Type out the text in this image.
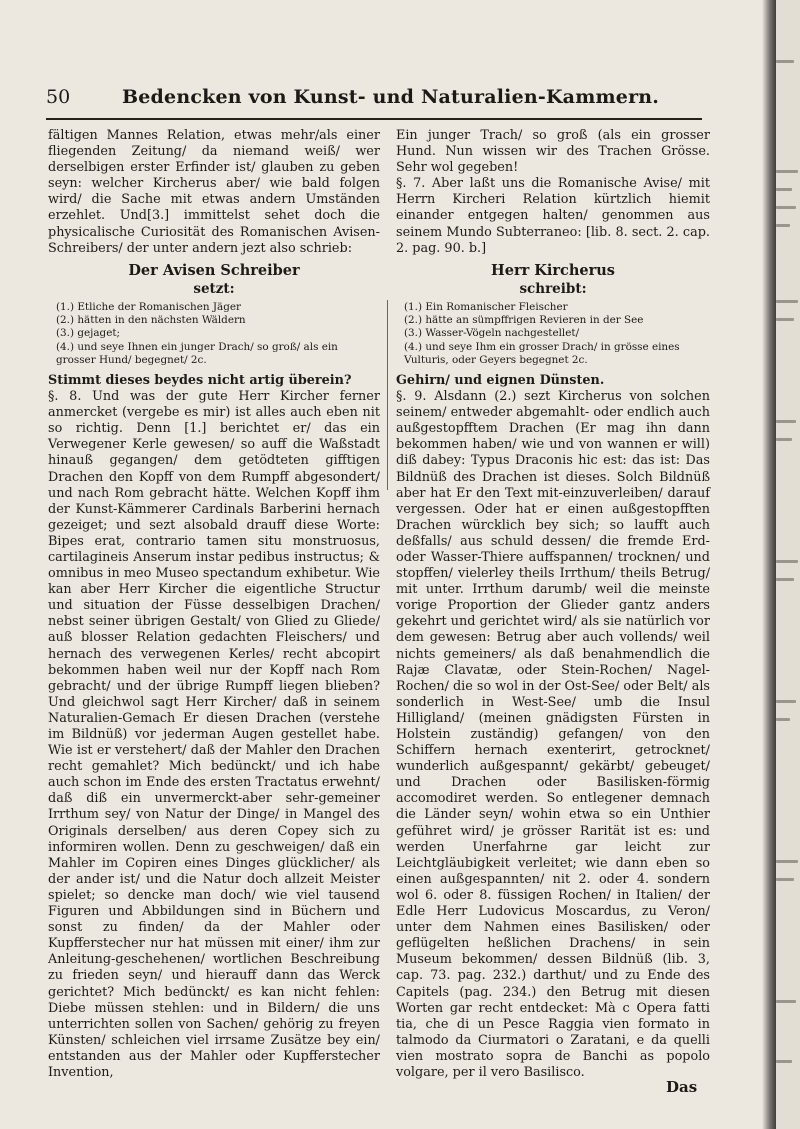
50	Bedencken von Kunst- und Naturalien-Kammern.

fältigen Mannes Relation, etwas mehr/als einer fliegenden Zeitung/ da niemand weiß/ wer derselbigen erster Erfinder ist/ glauben zu geben seyn: welcher Kircherus aber/ wie bald folgen wird/ die Sache mit etwas andern Umständen erzehlet. Und[3.] immittelst sehet doch die physicalische Curiosität des Romanischen Avisen-Schreibers/ der unter andern jezt also schrieb:

Der Avisen Schreiber
setzt:
(1.) Etliche der Romanischen Jäger
(2.) hätten in den nächsten Wäldern
(3.) gejaget;
(4.) und seye Ihnen ein junger Drach/ so groß/ als ein grosser Hund/ begegnet/ 2c.

Stimmt dieses beydes nicht artig überein?

§. 8. Und was der gute Herr Kircher ferner anmercket (vergebe es mir) ist alles auch eben nit so richtig. Denn [1.] berichtet er/ das ein Verwegener Kerle gewesen/ so auff die Waßstadt hinauß gegangen/ dem getödteten gifftigen Drachen den Kopff von dem Rumpff abgesondert/ und nach Rom gebracht hätte. Welchen Kopff ihm der Kunst-Kämmerer Cardinals Barberini hernach gezeiget; und sezt alsobald drauff diese Worte: Bipes erat, contrario tamen situ monstruosus, cartilagineis Anserum instar pedibus instructus; & omnibus in meo Museo spectandum exhibetur. Wie kan aber Herr Kircher die eigentliche Structur und situation der Füsse desselbigen Drachen/ nebst seiner übrigen Gestalt/ von Glied zu Gliede/ auß blosser Relation gedachten Fleischers/ und hernach des verwegenen Kerles/ recht abcopirt bekommen haben weil nur der Kopff nach Rom gebracht/ und der übrige Rumpff liegen blieben? Und gleichwol sagt Herr Kircher/ daß in seinem Naturalien-Gemach Er diesen Drachen (verstehe im Bildnüß) vor jederman Augen gestellet habe. Wie ist er verstehert/ daß der Mahler den Drachen recht gemahlet? Mich bedünckt/ und ich habe auch schon im Ende des ersten Tractatus erwehnt/ daß diß ein unvermerckt-aber sehr-gemeiner Irrthum sey/ von Natur der Dinge/ in Mangel des Originals derselben/ aus deren Copey sich zu informiren wollen. Denn zu geschweigen/ daß ein Mahler im Copiren eines Dinges glücklicher/ als der ander ist/ und die Natur doch allzeit Meister spielet; so dencke man doch/ wie viel tausend Figuren und Abbildungen sind in Büchern und sonst zu finden/ da der Mahler oder Kupfferstecher nur hat müssen mit einer/ ihm zur Anleitung-geschehenen/ wortlichen Beschreibung zu frieden seyn/ und hierauff dann das Werck gerichtet? Mich bedünckt/ es kan nicht fehlen: Diebe müssen stehlen: und in Bildern/ die uns unterrichten sollen von Sachen/ gehörig zu freyen Künsten/ schleichen viel irrsame Zusätze bey ein/ entstanden aus der Mahler oder Kupfferstecher Invention,

Ein junger Trach/ so groß (als ein grosser Hund. Nun wissen wir des Trachen Grösse. Sehr wol gegeben!

§. 7. Aber laßt uns die Romanische Avise/ mit Herrn Kircheri Relation kürtzlich hiemit einander entgegen halten/ genommen aus seinem Mundo Subterraneo: [lib. 8. sect. 2. cap. 2. pag. 90. b.]

Herr Kircherus
schreibt:
(1.) Ein Romanischer Fleischer
(2.) hätte an sümpffrigen Revieren in der See
(3.) Wasser-Vögeln nachgestellet/
(4.) und seye Ihm ein grosser Drach/ in grösse eines Vulturis, oder Geyers begegnet 2c.

Gehirn/ und eignen Dünsten.

§. 9. Alsdann (2.) sezt Kircherus von solchen seinem/ entweder abgemahlt- oder endlich auch außgestopfftem Drachen (Er mag ihn dann bekommen haben/ wie und von wannen er will) diß dabey: Typus Draconis hic est: das ist: Das Bildnüß des Drachen ist dieses. Solch Bildnüß aber hat Er den Text mit-einzuverleiben/ darauf vergessen. Oder hat er einen außgestopfften Drachen würcklich bey sich; so laufft auch deßfalls/ aus schuld dessen/ die fremde Erd- oder Wasser-Thiere auffspannen/ trocknen/ und stopffen/ vielerley theils Irrthum/ theils Betrug/ mit unter. Irrthum darumb/ weil die meinste vorige Proportion der Glieder gantz anders gekehrt und gerichtet wird/ als sie natürlich vor dem gewesen: Betrug aber auch vollends/ weil nichts gemeiners/ als daß benahmendlich die Rajæ Clavatæ, oder Stein-Rochen/ Nagel-Rochen/ die so wol in der Ost-See/ oder Belt/ als sonderlich in West-See/ umb die Insul Hilligland/ (meinen gnädigsten Fürsten in Holstein zuständig) gefangen/ von den Schiffern hernach exenterirt, getrocknet/ wunderlich außgespannt/ gekärbt/ gebeuget/ und Drachen oder Basilisken-förmig accomodiret werden. So entlegener demnach die Länder seyn/ wohin etwa so ein Unthier geführet wird/ je grösser Rarität ist es: und werden Unerfahrne gar leicht zur Leichtgläubigkeit verleitet; wie dann eben so einen außgespannten/ nit 2. oder 4. sondern wol 6. oder 8. füssigen Rochen/ in Italien/ der Edle Herr Ludovicus Moscardus, zu Veron/ unter dem Nahmen eines Basilisken/ oder geflügelten heßlichen Drachens/ in sein Museum bekommen/ dessen Bildnüß (lib. 3, cap. 73. pag. 232.) darthut/ und zu Ende des Capitels (pag. 234.) den Betrug mit diesen Worten gar recht entdecket: Mà c Opera fatti tia, che di un Pesce Raggia vien formato in talmodo da Ciurmatori o Zaratani, e da quelli vien mostrato sopra de Banchi as popolo volgare, per il vero Basilisco.

Das
